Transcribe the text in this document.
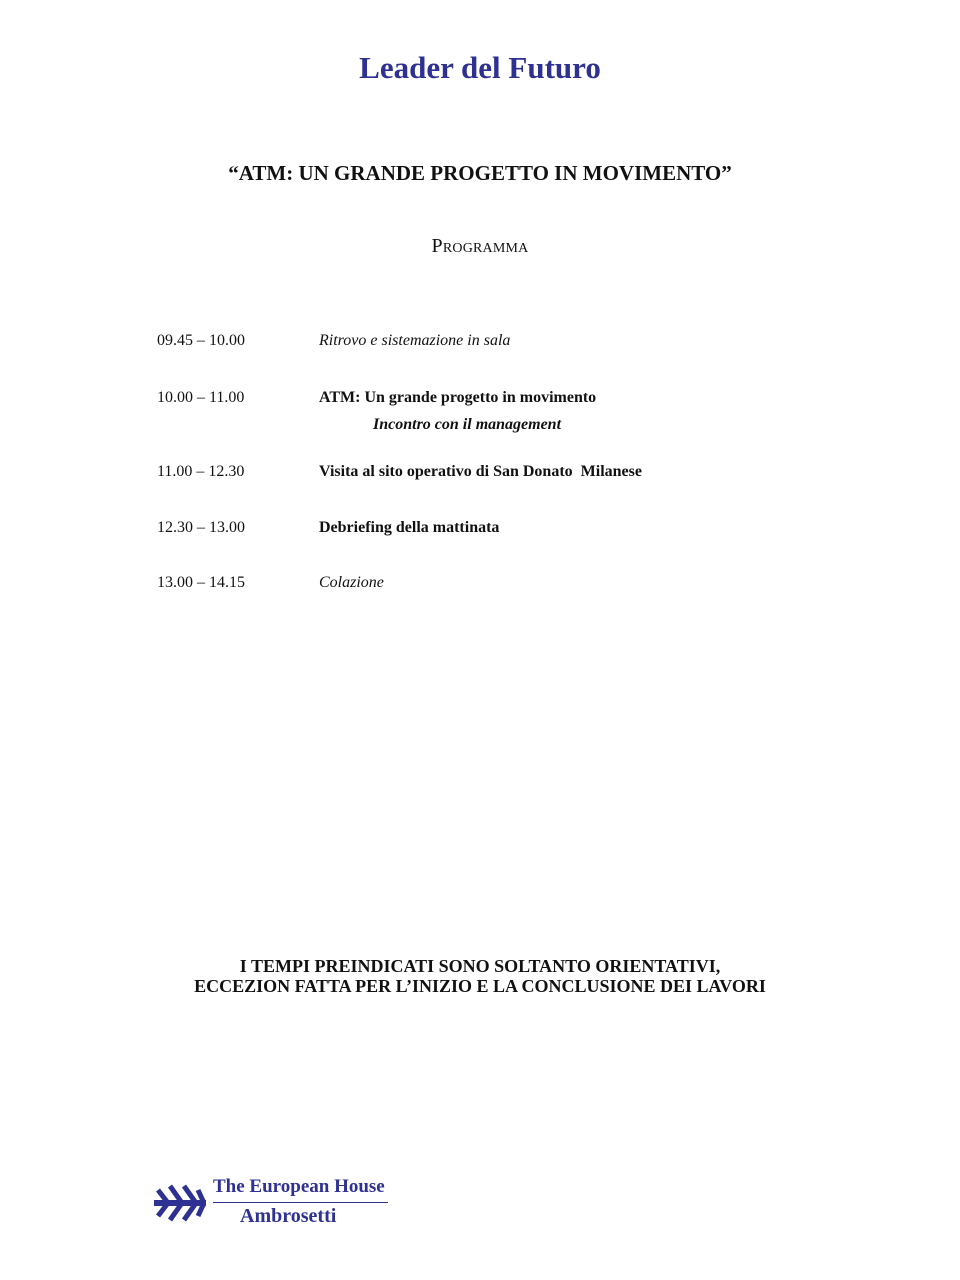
Leader del Futuro
“ATM: UN GRANDE PROGETTO IN MOVIMENTO”
Programma
09.45 – 10.00	Ritrovo e sistemazione in sala
10.00 – 11.00	ATM: Un grande progetto in movimento
Incontro con il management
11.00 – 12.30	Visita al sito operativo di San Donato  Milanese
12.30 – 13.00	Debriefing della mattinata
13.00 – 14.15	Colazione
I TEMPI PREINDICATI SONO SOLTANTO ORIENTATIVI,
ECCEZION FATTA PER L’INIZIO E LA CONCLUSIONE DEI LAVORI
The European House
Ambrosetti
